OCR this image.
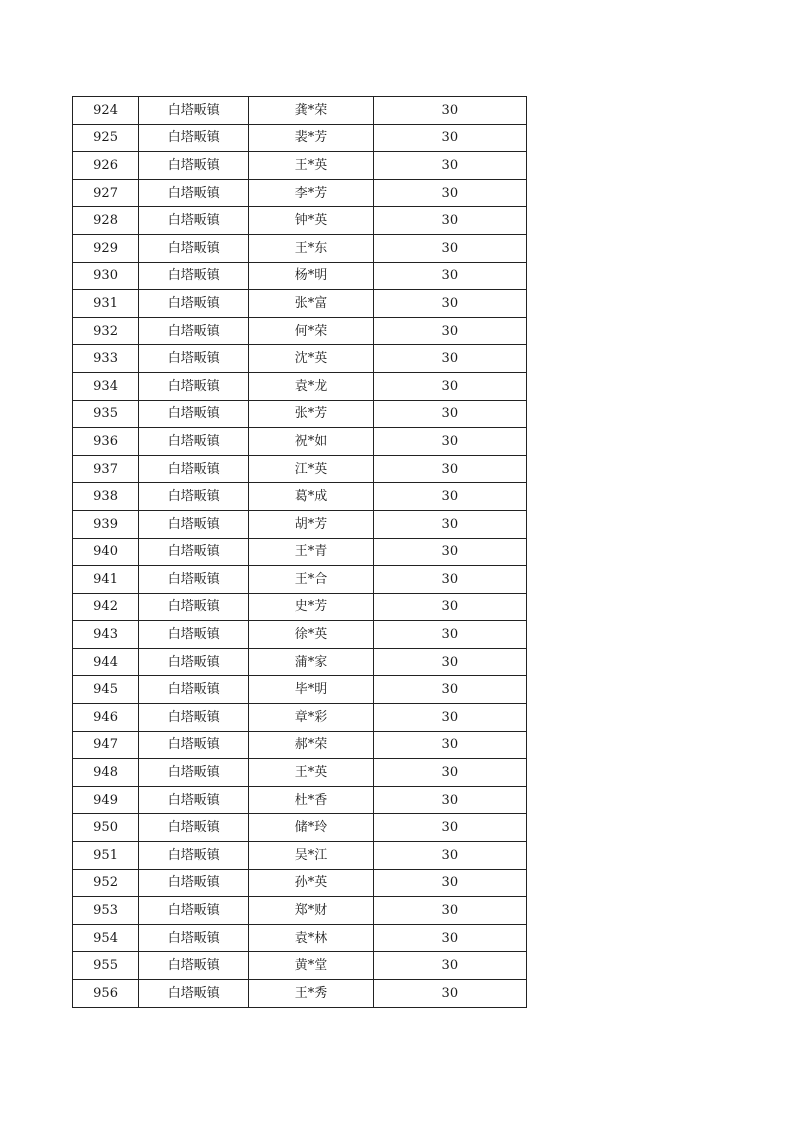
924	白塔畈镇	龚*荣	30
925	白塔畈镇	裴*芳	30
926	白塔畈镇	王*英	30
927	白塔畈镇	李*芳	30
928	白塔畈镇	钟*英	30
929	白塔畈镇	王*东	30
930	白塔畈镇	杨*明	30
931	白塔畈镇	张*富	30
932	白塔畈镇	何*荣	30
933	白塔畈镇	沈*英	30
934	白塔畈镇	袁*龙	30
935	白塔畈镇	张*芳	30
936	白塔畈镇	祝*如	30
937	白塔畈镇	江*英	30
938	白塔畈镇	葛*成	30
939	白塔畈镇	胡*芳	30
940	白塔畈镇	王*青	30
941	白塔畈镇	王*合	30
942	白塔畈镇	史*芳	30
943	白塔畈镇	徐*英	30
944	白塔畈镇	蒲*家	30
945	白塔畈镇	毕*明	30
946	白塔畈镇	章*彩	30
947	白塔畈镇	郝*荣	30
948	白塔畈镇	王*英	30
949	白塔畈镇	杜*香	30
950	白塔畈镇	储*玲	30
951	白塔畈镇	吴*江	30
952	白塔畈镇	孙*英	30
953	白塔畈镇	郑*财	30
954	白塔畈镇	袁*林	30
955	白塔畈镇	黄*堂	30
956	白塔畈镇	王*秀	30
